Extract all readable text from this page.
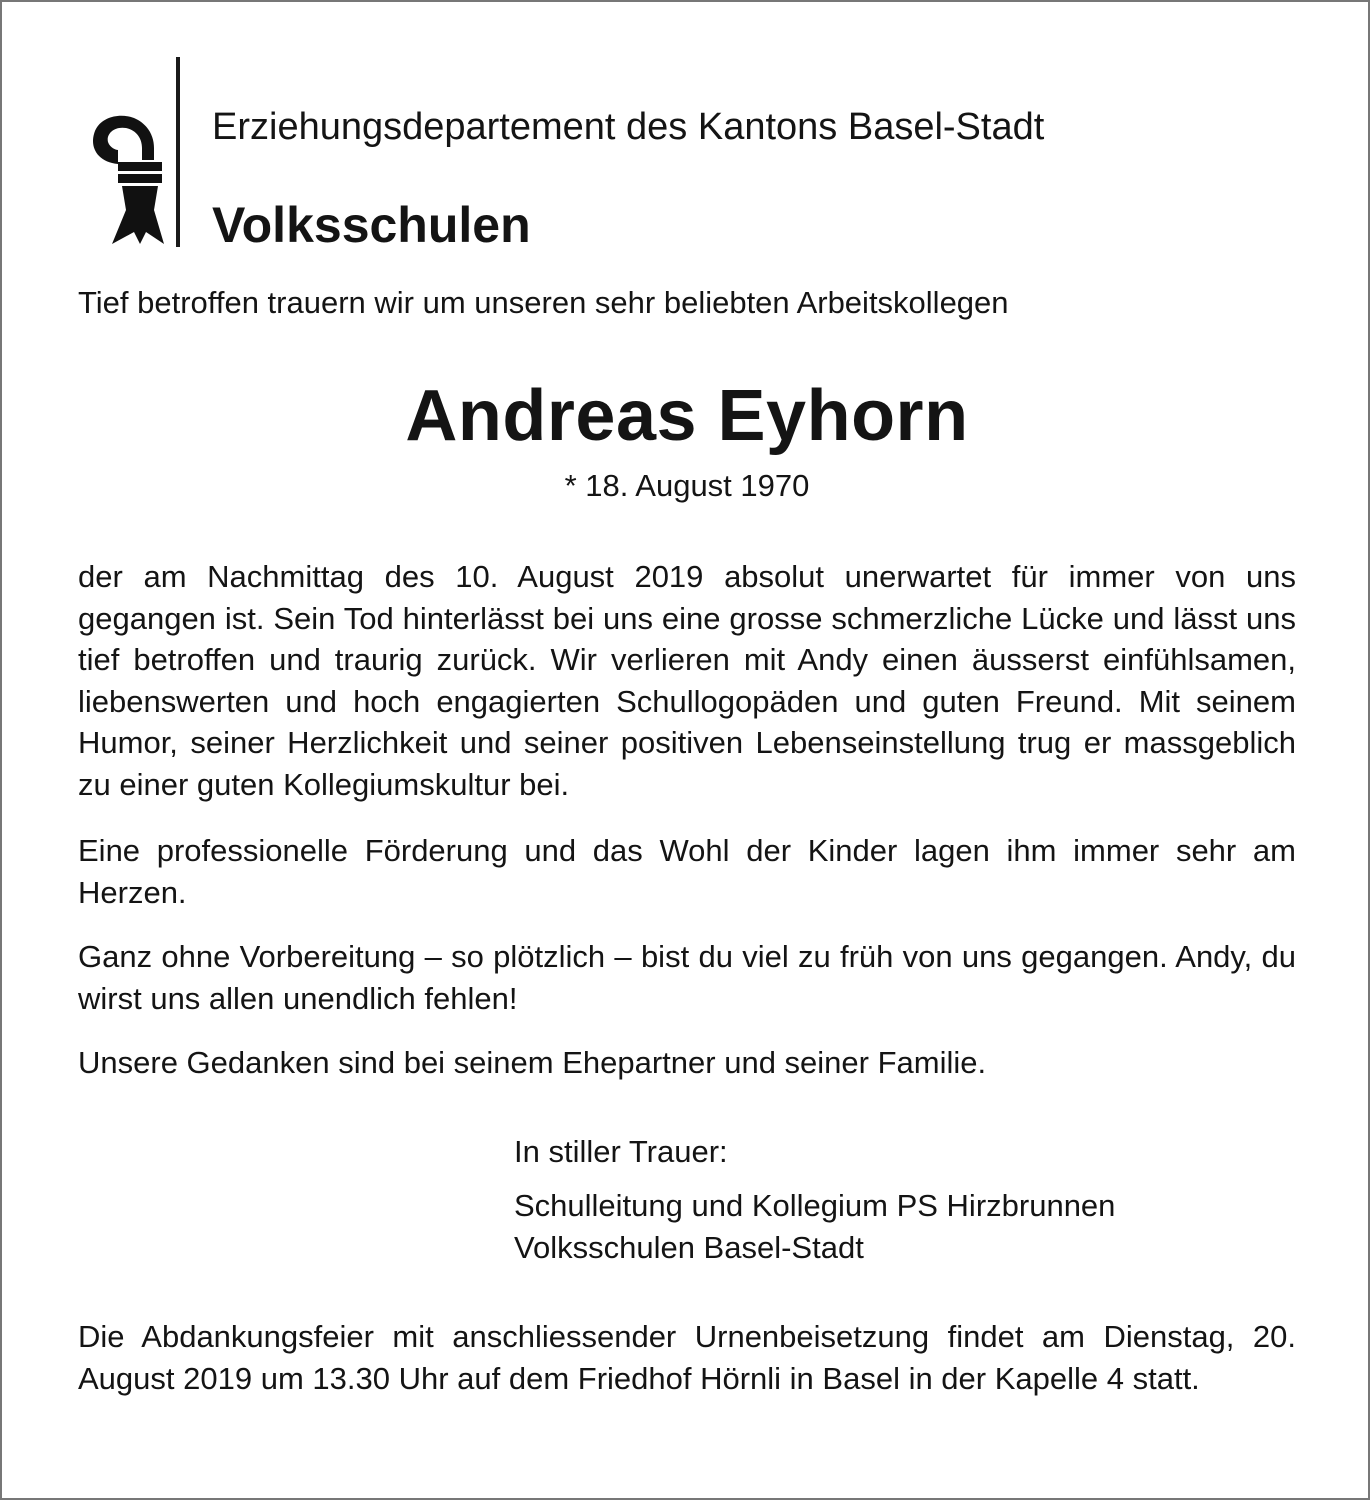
Erziehungsdepartement des Kantons Basel-Stadt
Volksschulen
Tief betroffen trauern wir um unseren sehr beliebten Arbeitskollegen
Andreas Eyhorn
* 18. August 1970
der am Nachmittag des 10. August 2019 absolut unerwartet für immer von uns gegangen ist. Sein Tod hinterlässt bei uns eine grosse schmerzliche Lücke und lässt uns tief betroffen und traurig zurück. Wir verlieren mit Andy einen äusserst einfühlsamen, liebenswerten und hoch engagierten Schullogopäden und guten Freund. Mit seinem Humor, seiner Herzlichkeit und seiner positiven Lebenseinstellung trug er massgeblich zu einer guten Kollegiumskultur bei.
Eine professionelle Förderung und das Wohl der Kinder lagen ihm immer sehr am Herzen.
Ganz ohne Vorbereitung – so plötzlich – bist du viel zu früh von uns gegangen. Andy, du wirst uns allen unendlich fehlen!
Unsere Gedanken sind bei seinem Ehepartner und seiner Familie.
In stiller Trauer:
Schulleitung und Kollegium PS Hirzbrunnen
Volksschulen Basel-Stadt
Die Abdankungsfeier mit anschliessender Urnenbeisetzung findet am Dienstag, 20. August 2019 um 13.30 Uhr auf dem Friedhof Hörnli in Basel in der Kapelle 4 statt.
